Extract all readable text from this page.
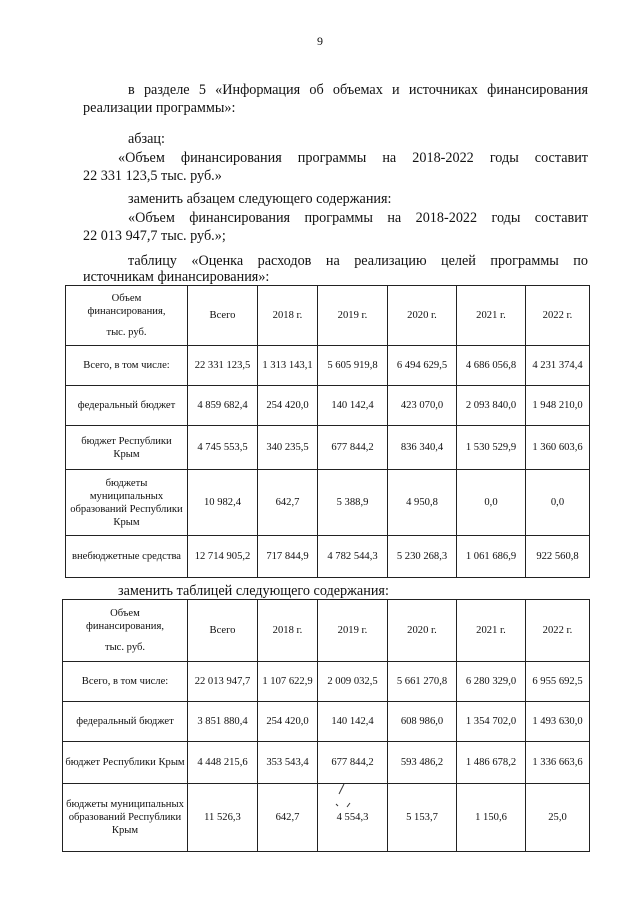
9
в разделе 5 «Информация об объемах и источниках финансирования
реализации программы»:
абзац:
«Объем финансирования программы на 2018-2022 годы составит
22 331 123,5 тыс. руб.»
заменить абзацем следующего содержания:
«Объем финансирования программы на 2018-2022 годы составит
22 013 947,7 тыс. руб.»;
таблицу «Оценка расходов на реализацию целей программы по
источникам финансирования»:
Объем
финансирования,
тыс. руб.	Всего	2018 г.	2019 г.	2020 г.	2021 г.	2022 г.
Всего, в том числе:	22 331 123,5	1 313 143,1	5 605 919,8	6 494 629,5	4 686 056,8	4 231 374,4
федеральный бюджет	4 859 682,4	254 420,0	140 142,4	423 070,0	2 093 840,0	1 948 210,0
бюджет Республики Крым	4 745 553,5	340 235,5	677 844,2	836 340,4	1 530 529,9	1 360 603,6
бюджеты муниципальных образований Республики Крым	10 982,4	642,7	5 388,9	4 950,8	0,0	0,0
внебюджетные средства	12 714 905,2	717 844,9	4 782 544,3	5 230 268,3	1 061 686,9	922 560,8
заменить таблицей следующего содержания:
Объем
финансирования,
тыс. руб.	Всего	2018 г.	2019 г.	2020 г.	2021 г.	2022 г.
Всего, в том числе:	22 013 947,7	1 107 622,9	2 009 032,5	5 661 270,8	6 280 329,0	6 955 692,5
федеральный бюджет	3 851 880,4	254 420,0	140 142,4	608 986,0	1 354 702,0	1 493 630,0
бюджет Республики Крым	4 448 215,6	353 543,4	677 844,2	593 486,2	1 486 678,2	1 336 663,6
бюджеты муниципальных образований Республики Крым	11 526,3	642,7	4 554,3	5 153,7	1 150,6	25,0
